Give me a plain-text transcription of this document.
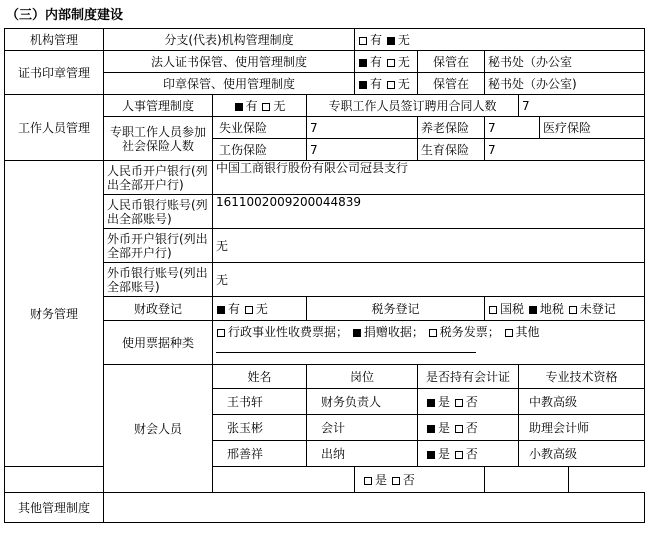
（三）内部制度建设
机构管理	分支(代表)机构管理制度			有 无					
证书印章管理	法人证书保管、使用管理制度			有 无	保管在	秘书处（办公室			
	印章保管、使用管理制度			有 无	保管在	秘书处（办公室)			
工作人员管理	人事管理制度	有 无	专职工作人员签订聘用合同人数				7		
	专职工作人员参加社会保险人数	失业保险	7		养老保险	7		医疗保险	
		工伤保险	7		生育保险	7			
财务管理	人民币开户银行(列出全部开户行)	中国工商银行股份有限公司冠县支行							
	人民币银行账号(列出全部账号)	1611002009200044839							
	外币开户银行(列出全部开户行)	无							
	外币银行账号(列出全部账号)	无							
	财政登记	有 无	税务登记			国税 地税 未登记			
	使用票据种类	行政事业性收费票据； 捐赠收据； 税务发票； 其他							

	财会人员	姓名	岗位		是否持有会计证		专业技术资格		
		王书轩	财务负责人		是 否		中教高级		
		张玉彬	会计		是 否		助理会计师		
		邢善祥	出纳		是 否		小教高级		
				是 否					
其他管理制度									
